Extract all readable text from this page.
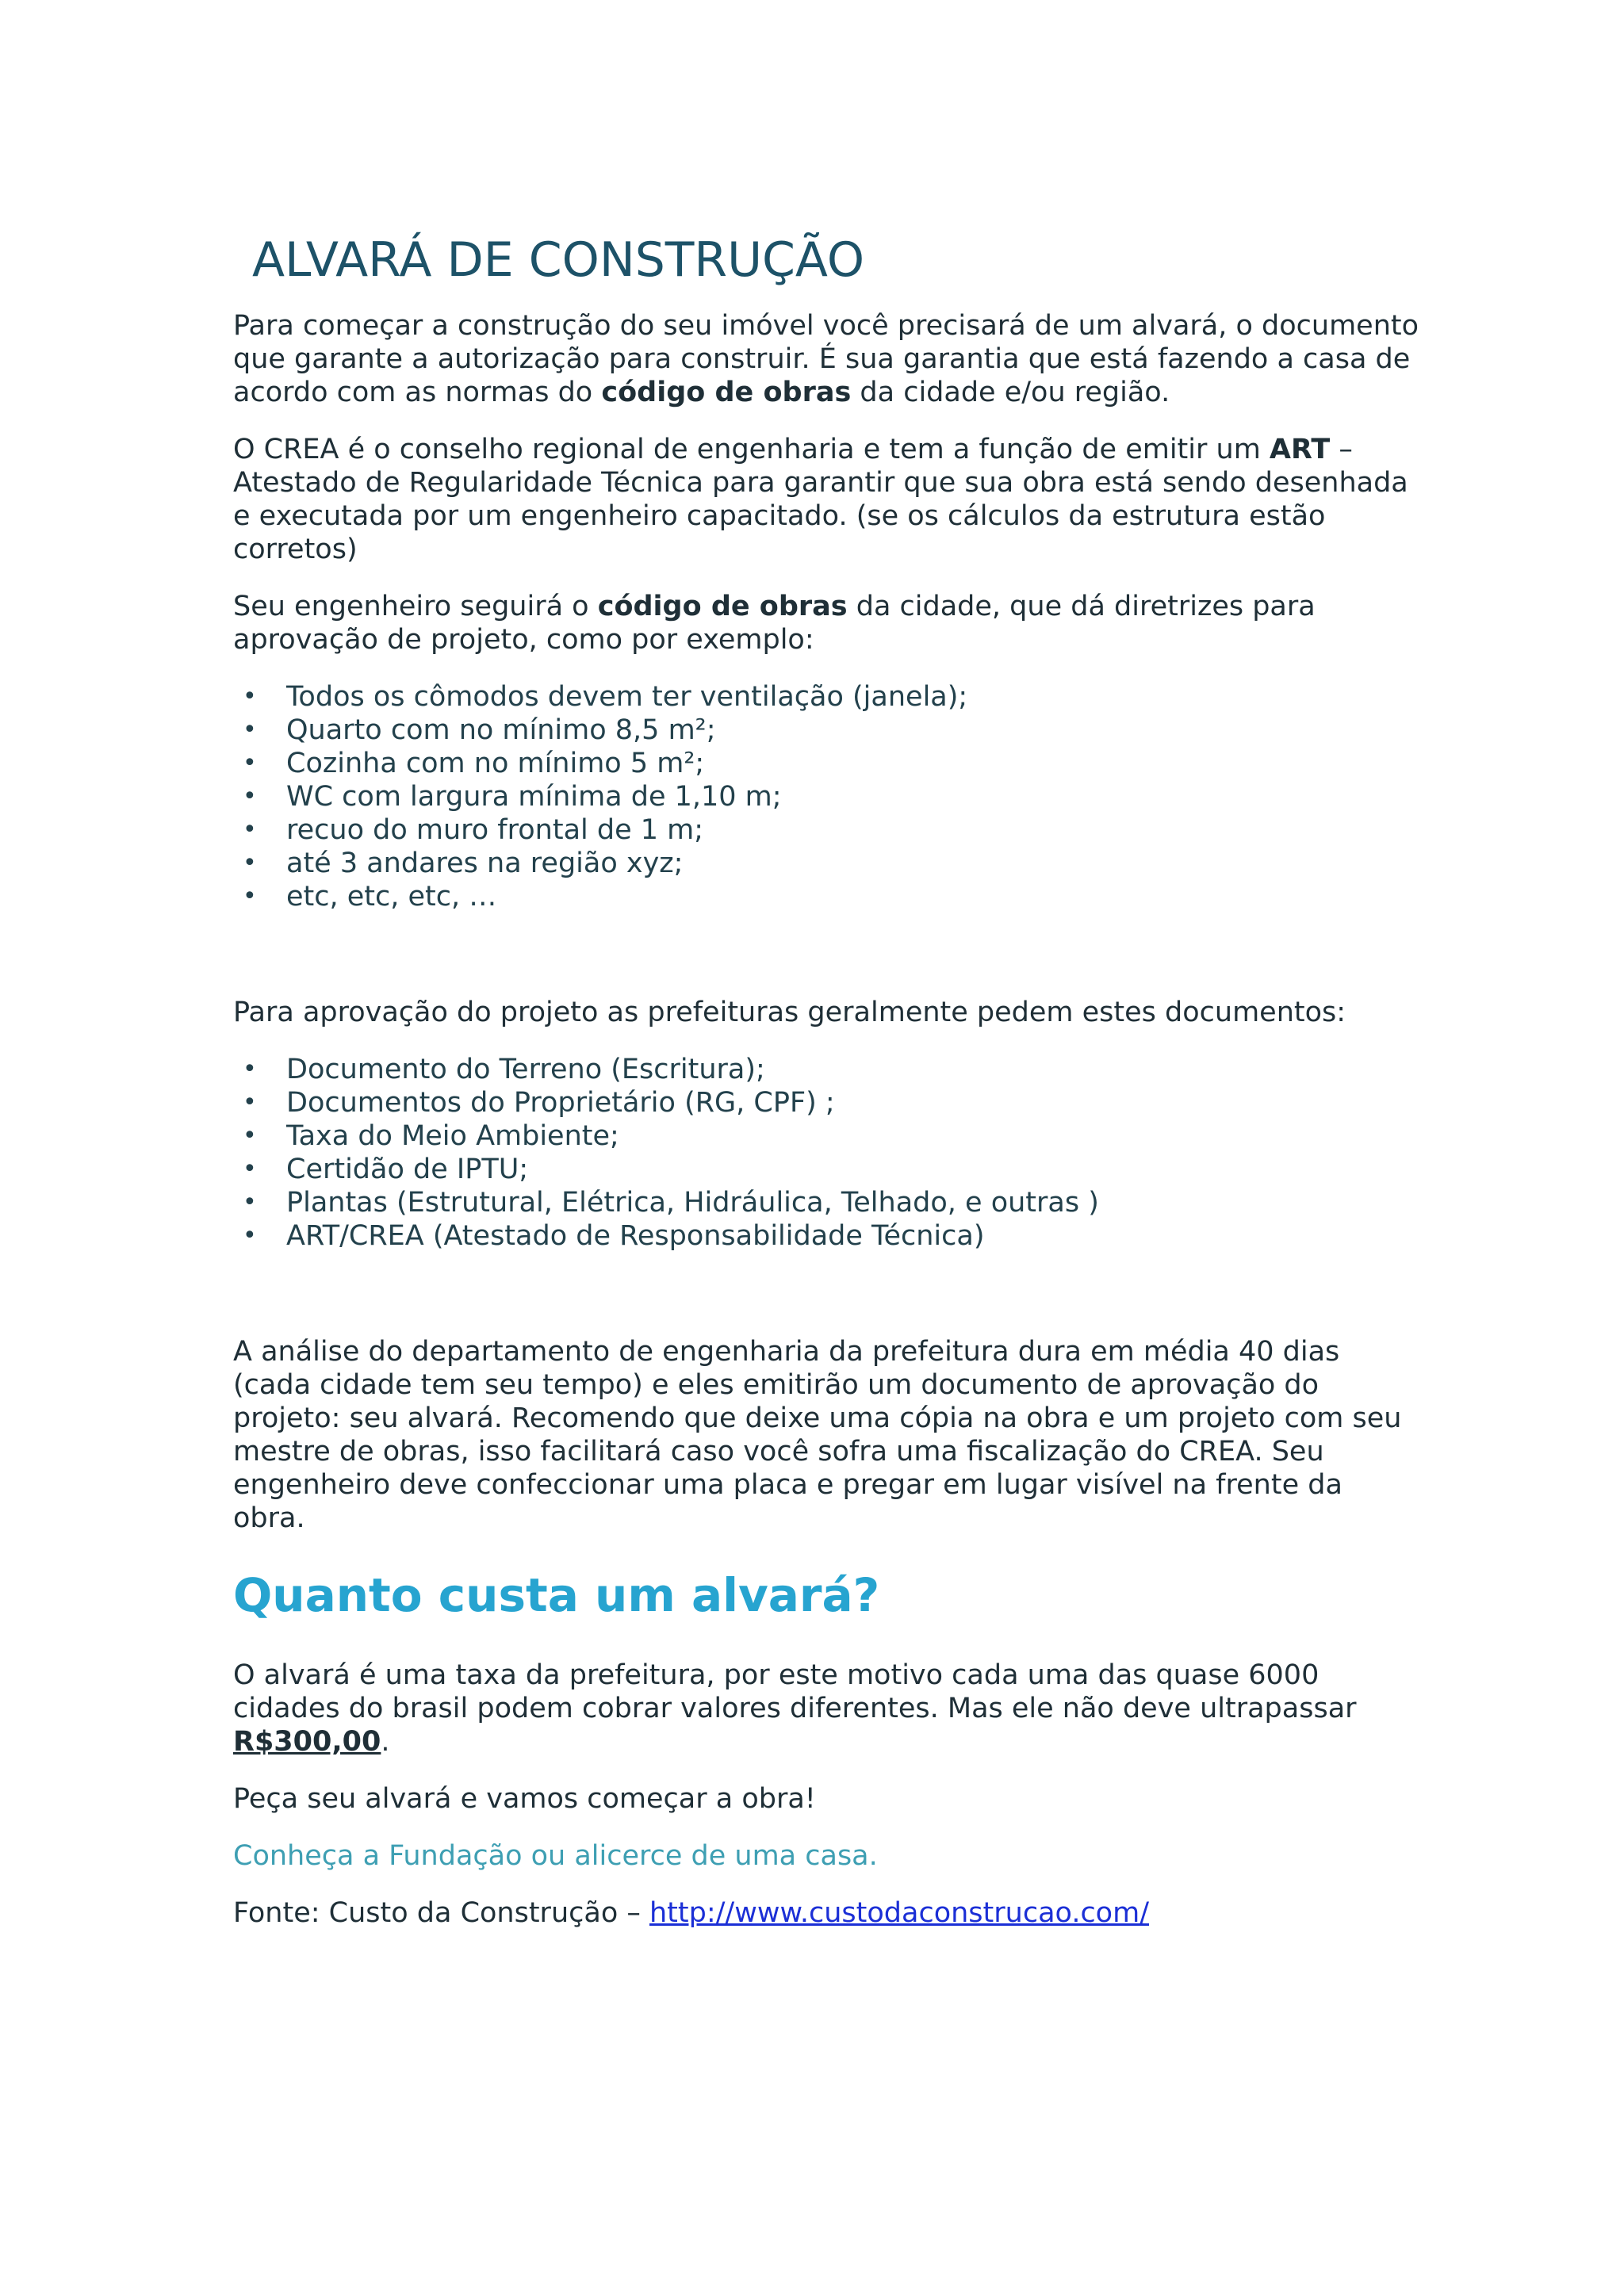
ALVARÁ DE CONSTRUÇÃO

Para começar a construção do seu imóvel você precisará de um alvará, o documento que garante a autorização para construir. É sua garantia que está fazendo a casa de acordo com as normas do código de obras da cidade e/ou região.

O CREA é o conselho regional de engenharia e tem a função de emitir um ART – Atestado de Regularidade Técnica para garantir que sua obra está sendo desenhada e executada por um engenheiro capacitado. (se os cálculos da estrutura estão corretos)

Seu engenheiro seguirá o código de obras da cidade, que dá diretrizes para aprovação de projeto, como por exemplo:

• Todos os cômodos devem ter ventilação (janela);
• Quarto com no mínimo 8,5 m²;
• Cozinha com no mínimo 5 m²;
• WC com largura mínima de 1,10 m;
• recuo do muro frontal de 1 m;
• até 3 andares na região xyz;
• etc, etc, etc, …

Para aprovação do projeto as prefeituras geralmente pedem estes documentos:

• Documento do Terreno (Escritura);
• Documentos do Proprietário (RG, CPF) ;
• Taxa do Meio Ambiente;
• Certidão de IPTU;
• Plantas (Estrutural, Elétrica, Hidráulica, Telhado, e outras )
• ART/CREA (Atestado de Responsabilidade Técnica)

A análise do departamento de engenharia da prefeitura dura em média 40 dias (cada cidade tem seu tempo) e eles emitirão um documento de aprovação do projeto: seu alvará. Recomendo que deixe uma cópia na obra e um projeto com seu mestre de obras, isso facilitará caso você sofra uma fiscalização do CREA. Seu engenheiro deve confeccionar uma placa e pregar em lugar visível na frente da obra.

Quanto custa um alvará?

O alvará é uma taxa da prefeitura, por este motivo cada uma das quase 6000 cidades do brasil podem cobrar valores diferentes. Mas ele não deve ultrapassar R$300,00.

Peça seu alvará e vamos começar a obra!

Conheça a Fundação ou alicerce de uma casa.

Fonte: Custo da Construção – http://www.custodaconstrucao.com/
